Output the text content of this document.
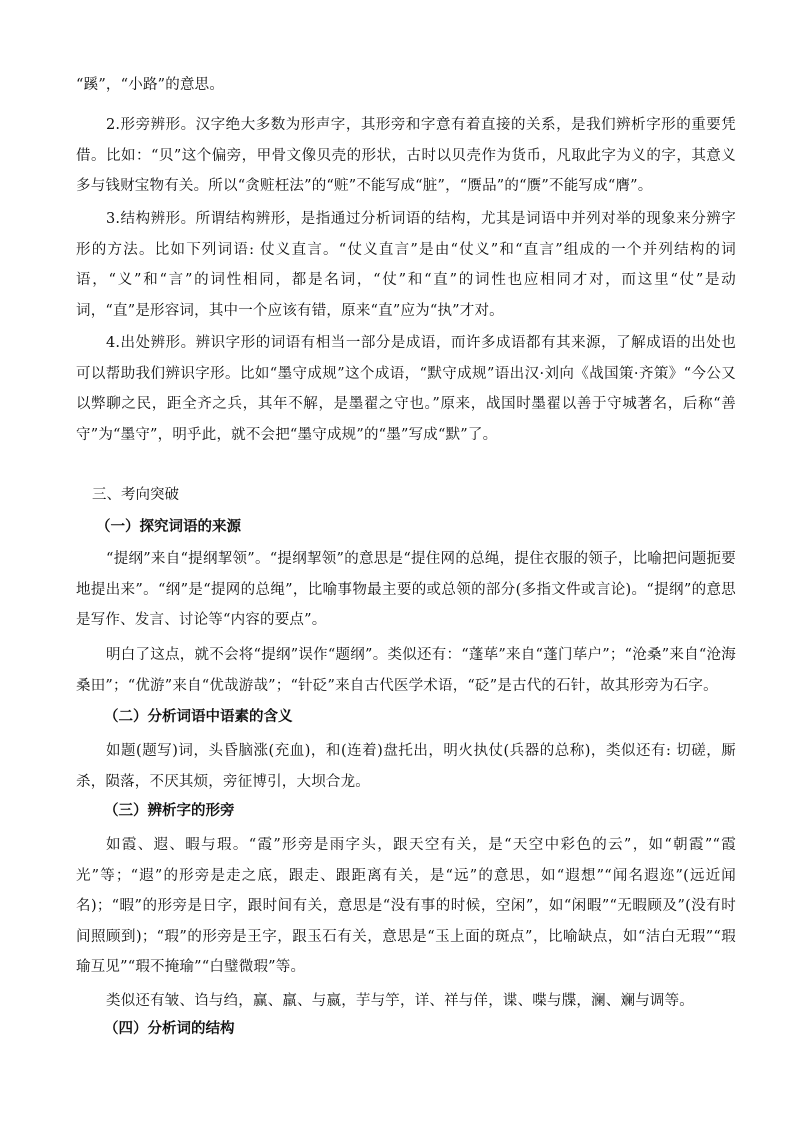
“蹊”，“小路”的意思。

2.形旁辨形。汉字绝大多数为形声字，其形旁和字意有着直接的关系，是我们辨析字形的重要凭借。比如：“贝”这个偏旁，甲骨文像贝壳的形状，古时以贝壳作为货币，凡取此字为义的字，其意义多与钱财宝物有关。所以“贪赃枉法”的“赃”不能写成“脏”，“赝品”的“赝”不能写成“膺”。

3.结构辨形。所谓结构辨形，是指通过分析词语的结构，尤其是词语中并列对举的现象来分辨字形的方法。比如下列词语: 仗义直言。“仗义直言”是由“仗义”和“直言”组成的一个并列结构的词语，“义”和“言”的词性相同，都是名词，“仗”和“直”的词性也应相同才对，而这里“仗”是动词，“直”是形容词，其中一个应该有错，原来“直”应为“执”才对。

4.出处辨形。辨识字形的词语有相当一部分是成语，而许多成语都有其来源，了解成语的出处也可以帮助我们辨识字形。比如“墨守成规”这个成语，“默守成规”语出汉·刘向《战国策·齐策》“今公又以弊聊之民，距全齐之兵，其年不解，是墨翟之守也。”原来，战国时墨翟以善于守城著名，后称“善守”为“墨守”，明乎此，就不会把“墨守成规”的“墨”写成“默”了。

三、考向突破
（一）探究词语的来源

“提纲”来自“提纲挈领”。“提纲挈领”的意思是“提住网的总绳，提住衣服的领子，比喻把问题扼要地提出来”。“纲”是“提网的总绳”，比喻事物最主要的或总领的部分(多指文件或言论)。“提纲”的意思是写作、发言、讨论等“内容的要点”。

明白了这点，就不会将“提纲”误作“题纲”。类似还有：“蓬荜”来自“蓬门荜户”；“沧桑”来自“沧海桑田”；“优游”来自“优哉游哉”；“针砭”来自古代医学术语，“砭”是古代的石针，故其形旁为石字。

（二）分析词语中语素的含义

如题(题写)词，头昏脑涨(充血)，和(连着)盘托出，明火执仗(兵器的总称)，类似还有: 切磋，厮杀，陨落，不厌其烦，旁征博引，大坝合龙。

（三）辨析字的形旁

如霞、遐、暇与瑕。“霞”形旁是雨字头，跟天空有关，是“天空中彩色的云”，如“朝霞”“霞光”等；“遐”的形旁是走之底，跟走、跟距离有关，是“远”的意思，如“遐想”“闻名遐迩”(远近闻名)；“暇”的形旁是日字，跟时间有关，意思是“没有事的时候，空闲”，如“闲暇”“无暇顾及”(没有时间照顾到)；“瑕”的形旁是王字，跟玉石有关，意思是“玉上面的斑点”，比喻缺点，如“洁白无瑕”“瑕瑜互见”“瑕不掩瑜”“白璧微瑕”等。

类似还有皱、诌与绉，赢、羸、与嬴，芋与竽，详、祥与佯，谍、喋与牒，澜、斓与调等。

（四）分析词的结构
